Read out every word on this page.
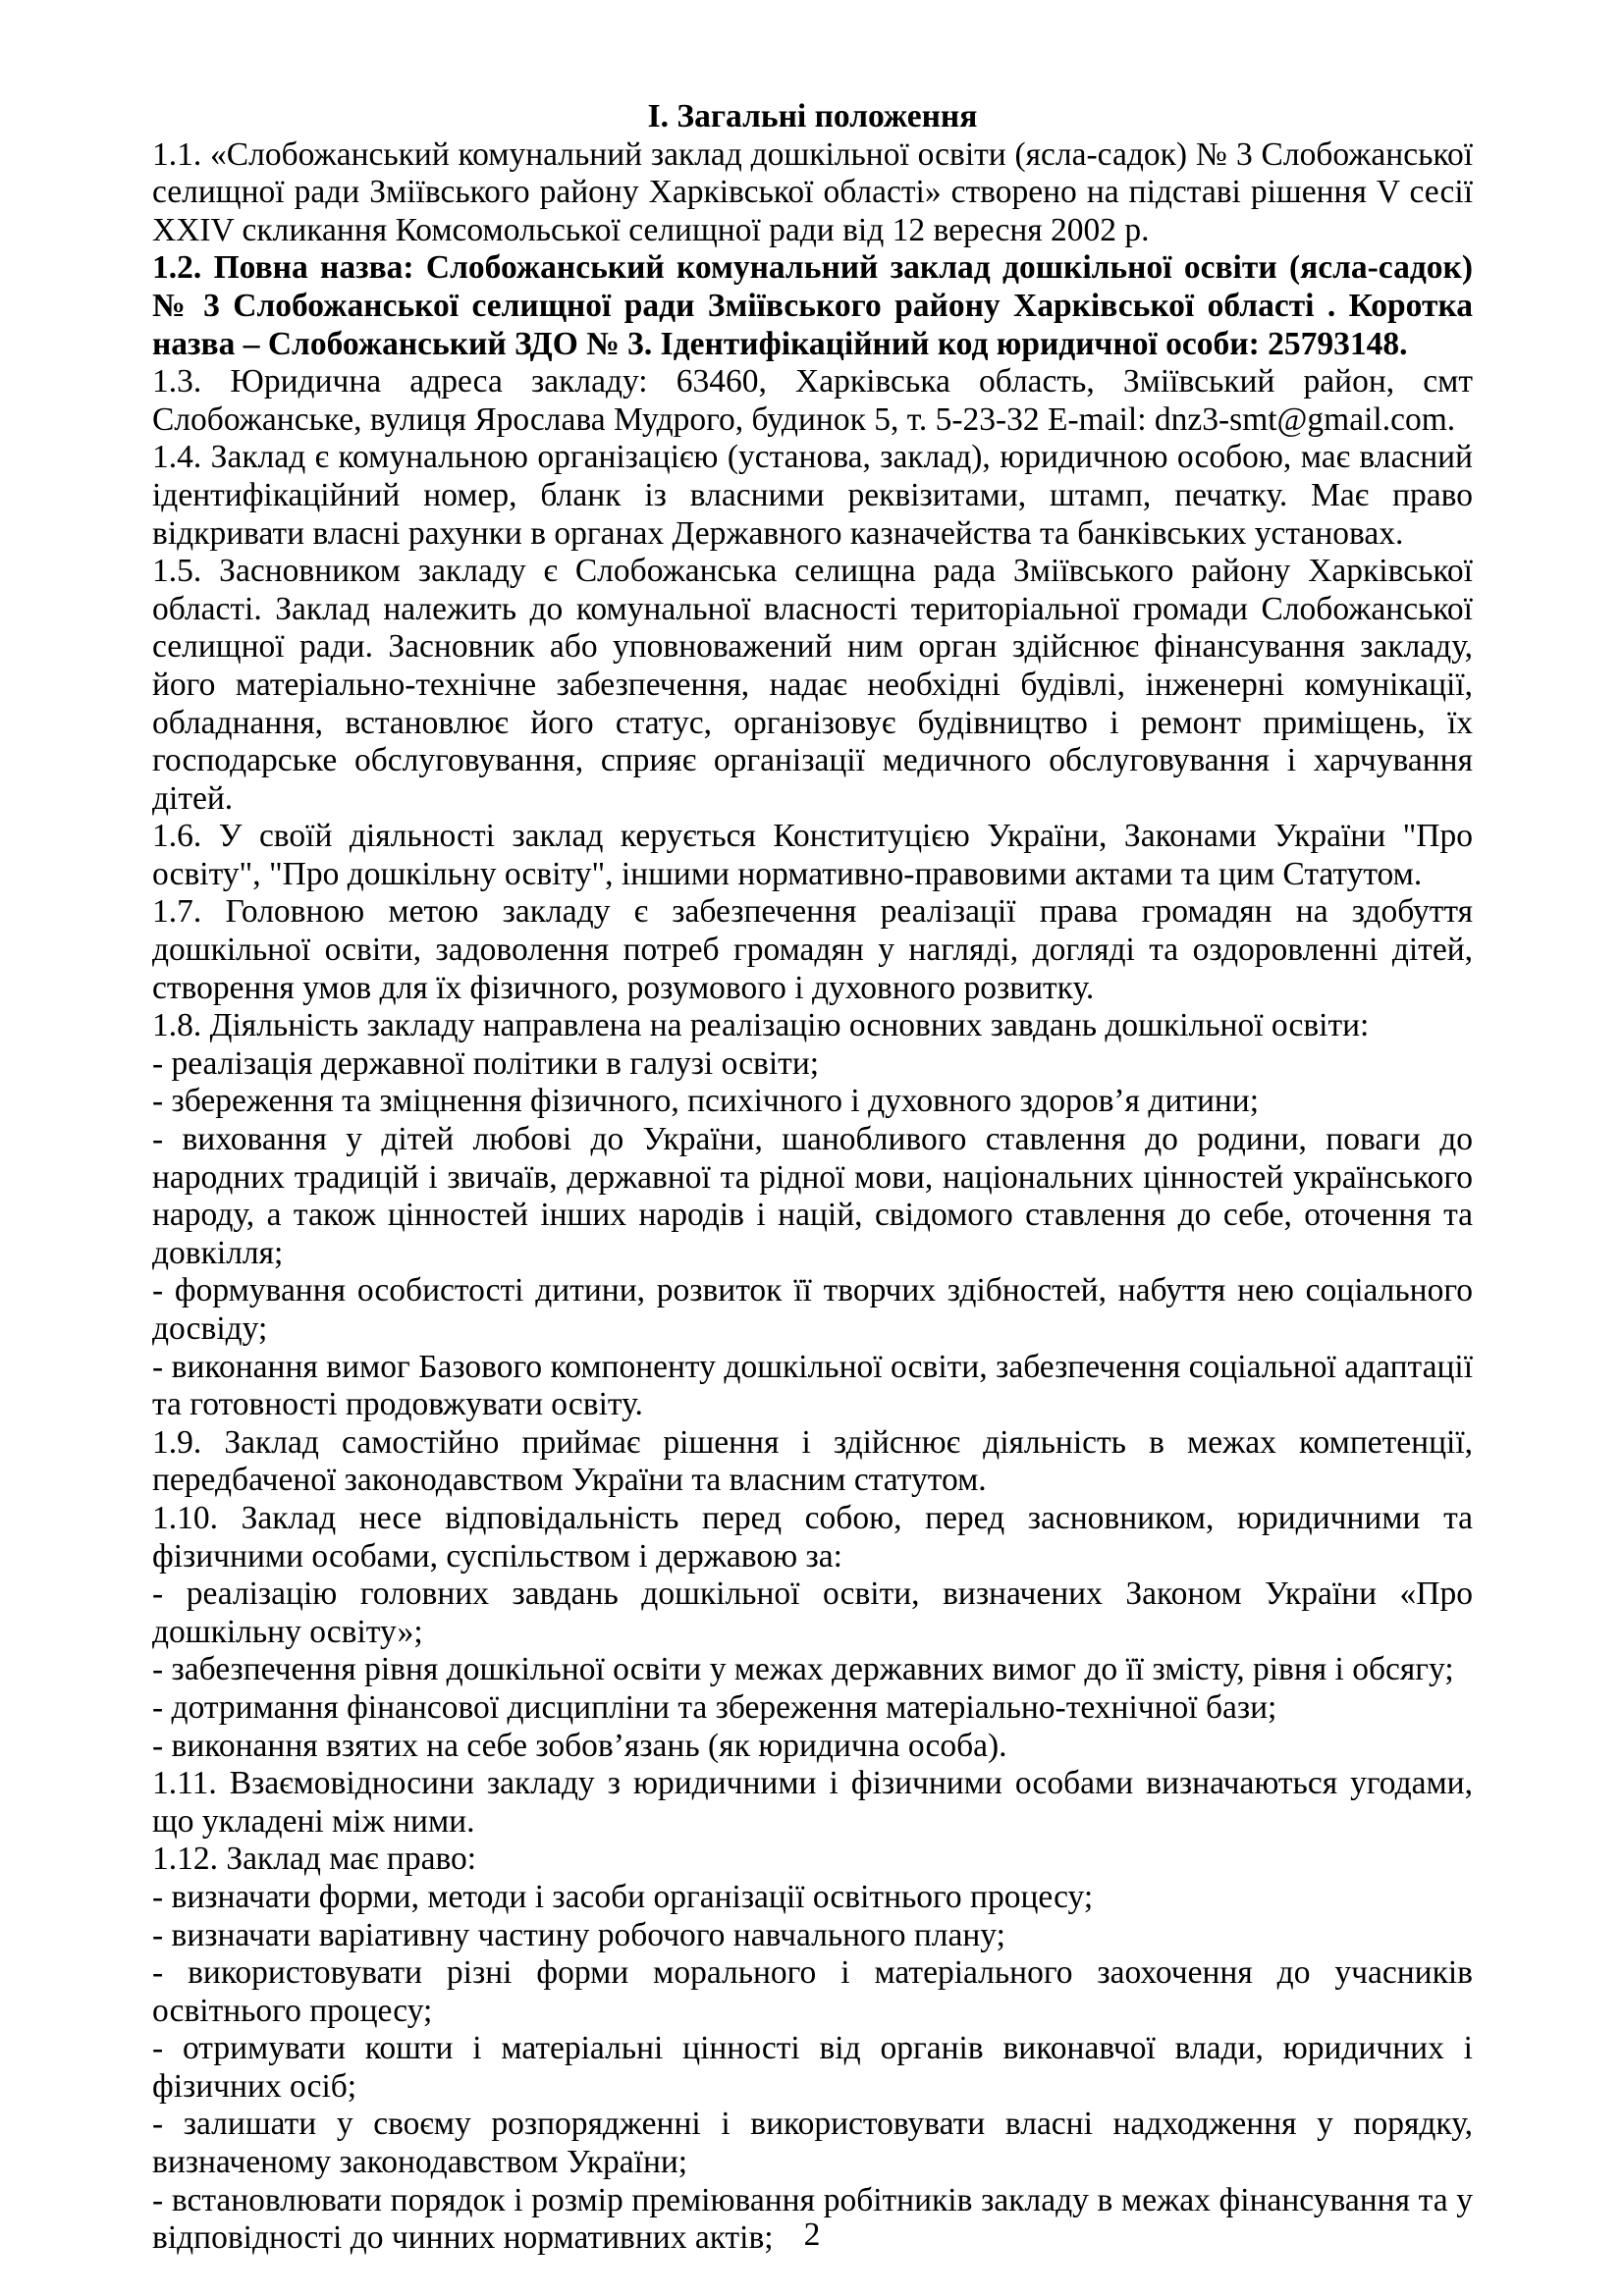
І. Загальні положення

1.1. «Слобожанський комунальний заклад дошкільної освіти (ясла-садок) № 3 Слобожанської селищної ради Зміївського району Харківської області» створено на підставі рішення V сесії XXIV скликання Комсомольської селищної ради від 12 вересня 2002 р.

1.2. Повна назва: Слобожанський комунальний заклад дошкільної освіти (ясла-садок) № 3 Слобожанської селищної ради Зміївського району Харківської області . Коротка назва – Слобожанський ЗДО № 3. Ідентифікаційний код юридичної особи: 25793148.

1.3. Юридична адреса закладу: 63460, Харківська область, Зміївський район, смт Слобожанське, вулиця Ярослава Мудрого, будинок 5, т. 5-23-32 E-mail: dnz3-smt@gmail.com.

1.4. Заклад є комунальною організацією (установа, заклад), юридичною особою, має власний ідентифікаційний номер, бланк із власними реквізитами, штамп, печатку. Має право відкривати власні рахунки в органах Державного казначейства та банківських установах.

1.5. Засновником закладу є Слобожанська селищна рада Зміївського району Харківської області. Заклад належить до комунальної власності територіальної громади Слобожанської селищної ради. Засновник або уповноважений ним орган здійснює фінансування закладу, його матеріально-технічне забезпечення, надає необхідні будівлі, інженерні комунікації, обладнання, встановлює його статус, організовує будівництво і ремонт приміщень, їх господарське обслуговування, сприяє організації медичного обслуговування і харчування дітей.

1.6. У своїй діяльності заклад керується Конституцією України, Законами України "Про освіту", "Про дошкільну освіту", іншими нормативно-правовими актами та цим Статутом.

1.7. Головною метою закладу є забезпечення реалізації права громадян на здобуття дошкільної освіти, задоволення потреб громадян у нагляді, догляді та оздоровленні дітей, створення умов для їх фізичного, розумового і духовного розвитку.

1.8. Діяльність закладу направлена на реалізацію основних завдань дошкільної освіти:

- реалізація державної політики в галузі освіти;

- збереження та зміцнення фізичного, психічного і духовного здоров’я дитини;

- виховання у дітей любові до України, шанобливого ставлення до родини, поваги до народних традицій і звичаїв, державної та рідної мови, національних цінностей українського народу, а також цінностей інших народів і націй, свідомого ставлення до себе, оточення та довкілля;

- формування особистості дитини, розвиток її творчих здібностей, набуття нею соціального досвіду;

- виконання вимог Базового компоненту дошкільної освіти, забезпечення соціальної адаптації та готовності продовжувати освіту.

1.9. Заклад самостійно приймає рішення і здійснює діяльність в межах компетенції, передбаченої законодавством України та власним статутом.

1.10. Заклад несе відповідальність перед собою, перед засновником, юридичними та фізичними особами, суспільством і державою за:

- реалізацію головних завдань дошкільної освіти, визначених Законом України «Про дошкільну освіту»;

- забезпечення рівня дошкільної освіти у межах державних вимог до її змісту, рівня і обсягу;

- дотримання фінансової дисципліни та збереження матеріально-технічної бази;

- виконання взятих на себе зобов’язань (як юридична особа).

1.11. Взаємовідносини закладу з юридичними і фізичними особами визначаються угодами, що укладені між ними.

1.12. Заклад має право:

- визначати форми, методи і засоби організації освітнього процесу;

- визначати варіативну частину робочого навчального плану;

- використовувати різні форми морального і матеріального заохочення до учасників освітнього процесу;

- отримувати кошти і матеріальні цінності від органів виконавчої влади, юридичних і фізичних осіб;

- залишати у своєму розпорядженні і використовувати власні надходження у порядку, визначеному законодавством України;

- встановлювати порядок і розмір преміювання робітників закладу в межах фінансування та у відповідності до чинних нормативних актів; 2
